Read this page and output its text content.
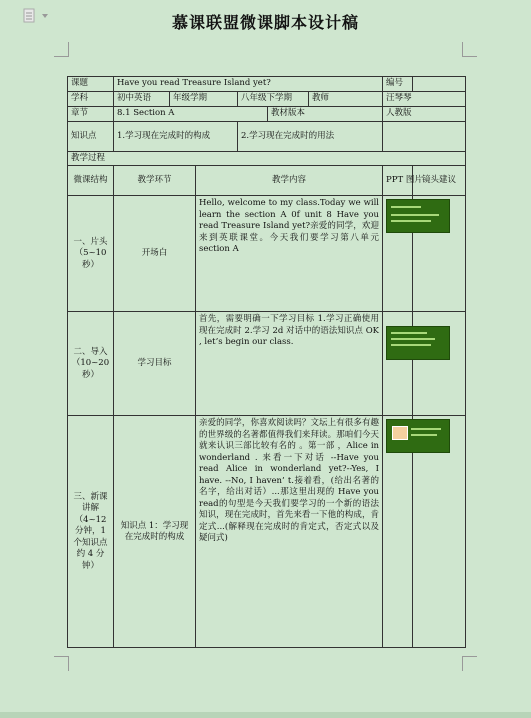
慕课联盟微课脚本设计稿
课题	Have you read Treasure Island yet?						编号	
学科	初中英语	年级学期		八年级下学期		教师	汪琴琴	
章节	8.1 Section A				教材版本		人教版	
知识点	1.学习现在完成时的构成			2.学习现在完成时的用法				
教学过程								
微课结构	教学环节		教学内容				PPT 图片	镜头建议
一、片头（5~10 秒）	开场白		Hello, welcome to my class.Today we will learn the section A 0f unit 8 Have you read Treasure Island yet?亲爱的同学，欢迎来到英联课堂。今天我们要学习第八单元 section A				

二、导入（10~20 秒）	学习目标		首先，需要明确一下学习目标 1.学习正确使用现在完成时 2.学习 2d 对话中的语法知识点 OK , let’s begin our class.				

三、新课讲解（4~12 分钟，1 个知识点约 4 分钟）	知识点 1：学习现在完成时的构成		亲爱的同学，你喜欢阅读吗？文坛上有很多有趣的世界级的名著都值得我们来拜读。那咱们今天就来认识三部比较有名的 。第一部 ，Alice in wonderland . 来看一下对话 --Have you read Alice in wonderland yet?--Yes, I have. --No, I haven’ t.接着看，(给出名著的名字，给出对话）...那这里出现的 Have you read的句型是今天我们要学习的一个新的语法知识，现在完成时，首先来看一下他的构成，肯定式...(解释现在完成时的肯定式，否定式以及疑问式)				
